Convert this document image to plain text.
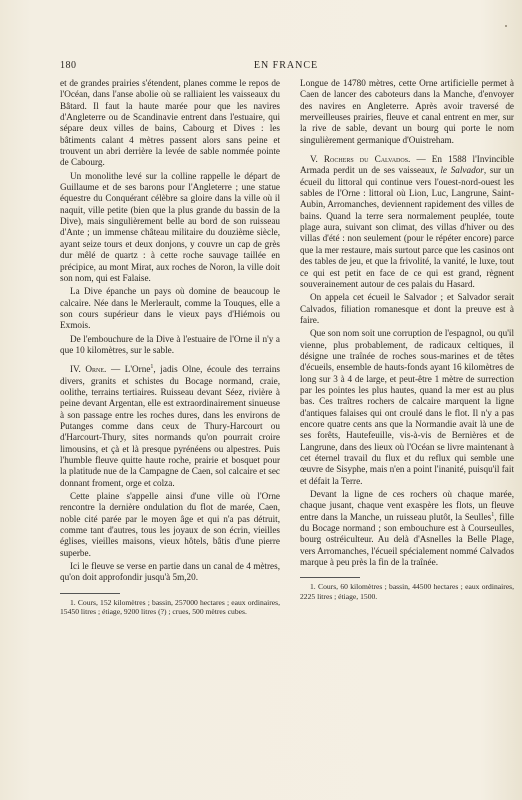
180	EN FRANCE

et de grandes prairies s'étendent, planes comme le repos de l'Océan, dans l'anse abolie où se ralliaient les vaisseaux du Bâtard. Il faut la haute marée pour que les navires d'Angleterre ou de Scandinavie entrent dans l'estuaire, qui sépare deux villes de bains, Cabourg et Dives : les bâtiments calant 4 mètres passent alors sans peine et trouvent un abri derrière la levée de sable nommée pointe de Cabourg.

Un monolithe levé sur la colline rappelle le départ de Guillaume et de ses barons pour l'Angleterre ; une statue équestre du Conquérant célèbre sa gloire dans la ville où il naquit, ville petite (bien que la plus grande du bassin de la Dive), mais singulièrement belle au bord de son ruisseau d'Ante ; un immense château militaire du douzième siècle, ayant seize tours et deux donjons, y couvre un cap de grès dur mêlé de quartz : à cette roche sauvage taillée en précipice, au mont Mirat, aux roches de Noron, la ville doit son nom, qui est Falaise.

La Dive épanche un pays où domine de beaucoup le calcaire. Née dans le Merlerault, comme la Touques, elle a son cours supérieur dans le vieux pays d'Hiémois ou Exmois.

De l'embouchure de la Dive à l'estuaire de l'Orne il n'y a que 10 kilomètres, sur le sable.

IV. Orne. — L'Orne$^1$, jadis Olne, écoule des terrains divers, granits et schistes du Bocage normand, craie, oolithe, terrains tertiaires. Ruisseau devant Séez, rivière à peine devant Argentan, elle est extraordinairement sinueuse à son passage entre les roches dures, dans les environs de Putanges comme dans ceux de Thury-Harcourt ou d'Harcourt-Thury, sites normands qu'on pourrait croire limousins, et çà et là presque pyrénéens ou alpestres. Puis l'humble fleuve quitte haute roche, prairie et bosquet pour la platitude nue de la Campagne de Caen, sol calcaire et sec donnant froment, orge et colza.

Cette plaine s'appelle ainsi d'une ville où l'Orne rencontre la dernière ondulation du flot de marée, Caen, noble cité parée par le moyen âge et qui n'a pas détruit, comme tant d'autres, tous les joyaux de son écrin, vieilles églises, vieilles maisons, vieux hôtels, bâtis d'une pierre superbe.

Ici le fleuve se verse en partie dans un canal de 4 mètres, qu'on doit approfondir jusqu'à 5m,20.

1. Cours, 152 kilomètres ; bassin, 257000 hectares ; eaux ordinaires, 15450 litres ; étiage, 9200 litres (?) ; crues, 500 mètres cubes.

Longue de 14780 mètres, cette Orne artificielle permet à Caen de lancer des caboteurs dans la Manche, d'envoyer des navires en Angleterre. Après avoir traversé de merveilleuses prairies, fleuve et canal entrent en mer, sur la rive de sable, devant un bourg qui porte le nom singulièrement germanique d'Ouistreham.

V. Rochers du Calvados. — En 1588 l'Invincible Armada perdit un de ses vaisseaux, le Salvador, sur un écueil du littoral qui continue vers l'ouest-nord-ouest les sables de l'Orne : littoral où Lion, Luc, Langrune, Saint-Aubin, Arromanches, deviennent rapidement des villes de bains. Quand la terre sera normalement peuplée, toute plage aura, suivant son climat, des villas d'hiver ou des villas d'été : non seulement (pour le répéter encore) parce que la mer restaure, mais surtout parce que les casinos ont des tables de jeu, et que la frivolité, la vanité, le luxe, tout ce qui est petit en face de ce qui est grand, règnent souverainement autour de ces palais du Hasard.

On appela cet écueil le Salvador ; et Salvador serait Calvados, filiation romanesque et dont la preuve est à faire.

Que son nom soit une corruption de l'espagnol, ou qu'il vienne, plus probablement, de radicaux celtiques, il désigne une traînée de roches sous-marines et de têtes d'écueils, ensemble de hauts-fonds ayant 16 kilomètres de long sur 3 à 4 de large, et peut-être 1 mètre de surrection par les pointes les plus hautes, quand la mer est au plus bas. Ces traîtres rochers de calcaire marquent la ligne d'antiques falaises qui ont croulé dans le flot. Il n'y a pas encore quatre cents ans que la Normandie avait là une de ses forêts, Hautefeuille, vis-à-vis de Bernières et de Langrune, dans des lieux où l'Océan se livre maintenant à cet éternel travail du flux et du reflux qui semble une œuvre de Sisyphe, mais n'en a point l'inanité, puisqu'il fait et défait la Terre.

Devant la ligne de ces rochers où chaque marée, chaque jusant, chaque vent exaspère les flots, un fleuve entre dans la Manche, un ruisseau plutôt, la Seulles$^1$, fille du Bocage normand ; son embouchure est à Courseulles, bourg ostréiculteur. Au delà d'Asnelles la Belle Plage, vers Arromanches, l'écueil spécialement nommé Calvados marque à peu près la fin de la traînée.

1. Cours, 60 kilomètres ; bassin, 44500 hectares ; eaux ordinaires, 2225 litres ; étiage, 1500.
